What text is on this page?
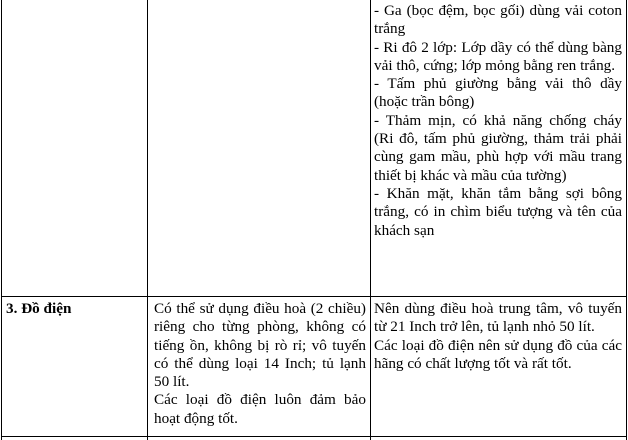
- Ga (bọc đệm, bọc gối) dùng vải coton trắng

- Ri đô 2 lớp: Lớp dầy có thể dùng bàng vải thô, cứng; lớp mỏng bằng ren trắng.

- Tấm phủ giường bằng vải thô dầy (hoặc trần bông)

- Thảm mịn, có khả năng chống cháy (Ri đô, tấm phủ giường, thảm trải phải cùng gam mầu, phù hợp với mầu trang thiết bị khác và mầu của tường)

- Khăn mặt, khăn tắm bằng sợi bông trắng, có in chìm biểu tượng và tên của khách sạn

3. Đồ điện	Có thể sử dụng điều hoà (2 chiều) riêng cho từng phòng, không có tiếng ồn, không bị rò rỉ; vô tuyến có thể dùng loại 14 Inch; tủ lạnh 50 lít.

Các loại đồ điện luôn đảm bảo hoạt động tốt.

Nên dùng điều hoà trung tâm, vô tuyến từ 21 Inch trở lên, tủ lạnh nhỏ 50 lít.

Các loại đồ điện nên sử dụng đồ của các hãng có chất lượng tốt và rất tốt.
